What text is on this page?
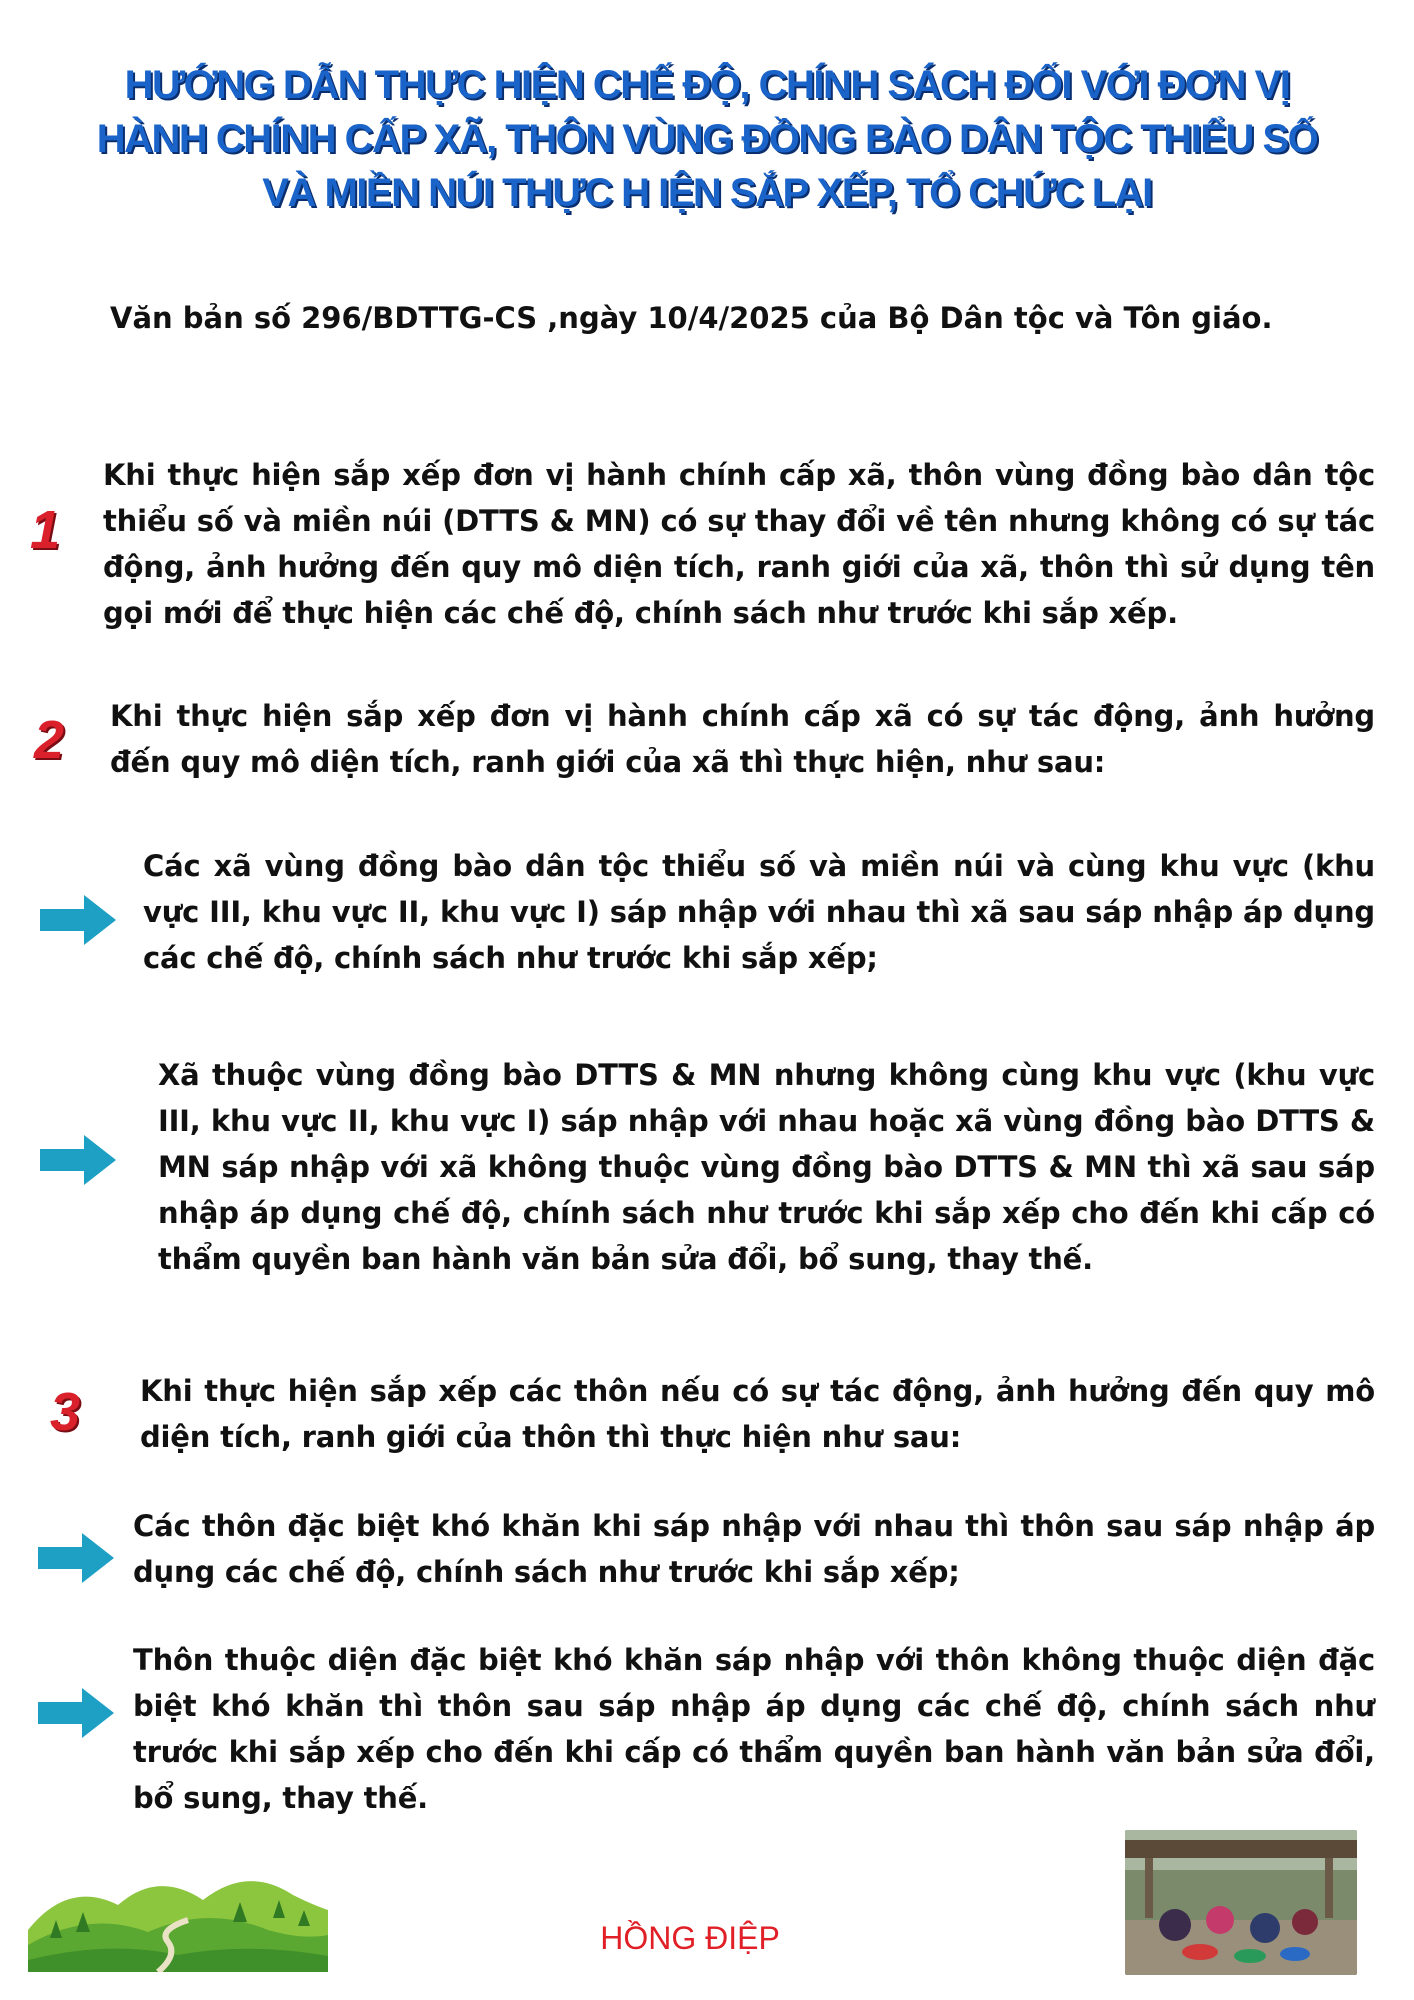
HƯỚNG DẪN THỰC HIỆN CHẾ ĐỘ, CHÍNH SÁCH ĐỐI VỚI ĐƠN VỊ
HÀNH CHÍNH CẤP XÃ, THÔN VÙNG ĐỒNG BÀO DÂN TỘC THIỂU SỐ
VÀ MIỀN NÚI THỰC H IỆN SẮP XẾP, TỔ CHỨC LẠI
Văn bản số 296/BDTTG-CS ,ngày 10/4/2025 của Bộ Dân tộc và Tôn giáo.
1
Khi thực hiện sắp xếp đơn vị hành chính cấp xã, thôn vùng đồng bào dân tộc thiểu số và miền núi (DTTS & MN) có sự thay đổi về tên nhưng không có sự tác động, ảnh hưởng đến quy mô diện tích, ranh giới của xã, thôn thì sử dụng tên gọi mới để thực hiện các chế độ, chính sách như trước khi sắp xếp.
2 Khi thực hiện sắp xếp đơn vị hành chính cấp xã có sự tác động, ảnh hưởng đến quy mô diện tích, ranh giới của xã thì thực hiện, như sau:
Các xã vùng đồng bào dân tộc thiểu số và miền núi và cùng khu vực (khu vực III, khu vực II, khu vực I) sáp nhập với nhau thì xã sau sáp nhập áp dụng các chế độ, chính sách như trước khi sắp xếp;
Xã thuộc vùng đồng bào DTTS & MN nhưng không cùng khu vực (khu vực III, khu vực II, khu vực I) sáp nhập với nhau hoặc xã vùng đồng bào DTTS & MN sáp nhập với xã không thuộc vùng đồng bào DTTS & MN thì xã sau sáp nhập áp dụng chế độ, chính sách như trước khi sắp xếp cho đến khi cấp có thẩm quyền ban hành văn bản sửa đổi, bổ sung, thay thế.
3 Khi thực hiện sắp xếp các thôn nếu có sự tác động, ảnh hưởng đến quy mô diện tích, ranh giới của thôn thì thực hiện như sau:
Các thôn đặc biệt khó khăn khi sáp nhập với nhau thì thôn sau sáp nhập áp dụng các chế độ, chính sách như trước khi sắp xếp;
Thôn thuộc diện đặc biệt khó khăn sáp nhập với thôn không thuộc diện đặc biệt khó khăn thì thôn sau sáp nhập áp dụng các chế độ, chính sách như trước khi sắp xếp cho đến khi cấp có thẩm quyền ban hành văn bản sửa đổi, bổ sung, thay thế.
HỒNG ĐIỆP
